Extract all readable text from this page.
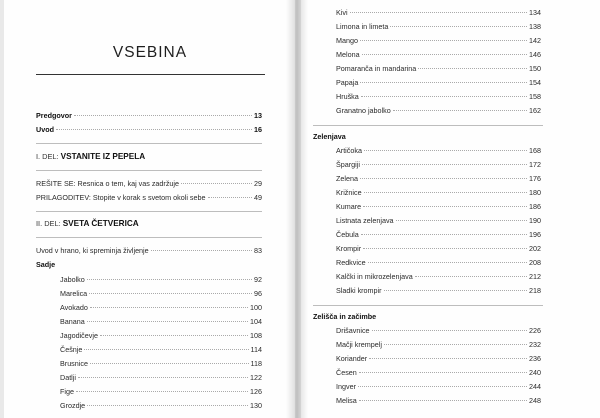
VSEBINA
Predgovor	13
Uvod	16
I. DEL: VSTANITE IZ PEPELA
REŠITE SE: Resnica o tem, kaj vas zadržuje	29
PRILAGODITEV: Stopite v korak s svetom okoli sebe	49
II. DEL: SVETA ČETVERICA
Uvod v hrano, ki spreminja življenje	83
Sadje
Jabolko	92
Marelica	96
Avokado	100
Banana	104
Jagodičevje	108
Češnje	114
Brusnice	118
Datlji	122
Fige	126
Grozdje	130
Kivi	134
Limona in limeta	138
Mango	142
Melona	146
Pomaranča in mandarina	150
Papaja	154
Hruška	158
Granatno jabolko	162
Zelenjava
Artičoka	168
Špargiji	172
Zelena	176
Križnice	180
Kumare	186
Listnata zelenjava	190
Čebula	196
Krompir	202
Redkvice	208
Kalčki in mikrozelenjava	212
Sladki krompir	218
Zelišča in začimbe
Drišavnice	226
Mačji krempelj	232
Koriander	236
Česen	240
Ingver	244
Melisa	248
